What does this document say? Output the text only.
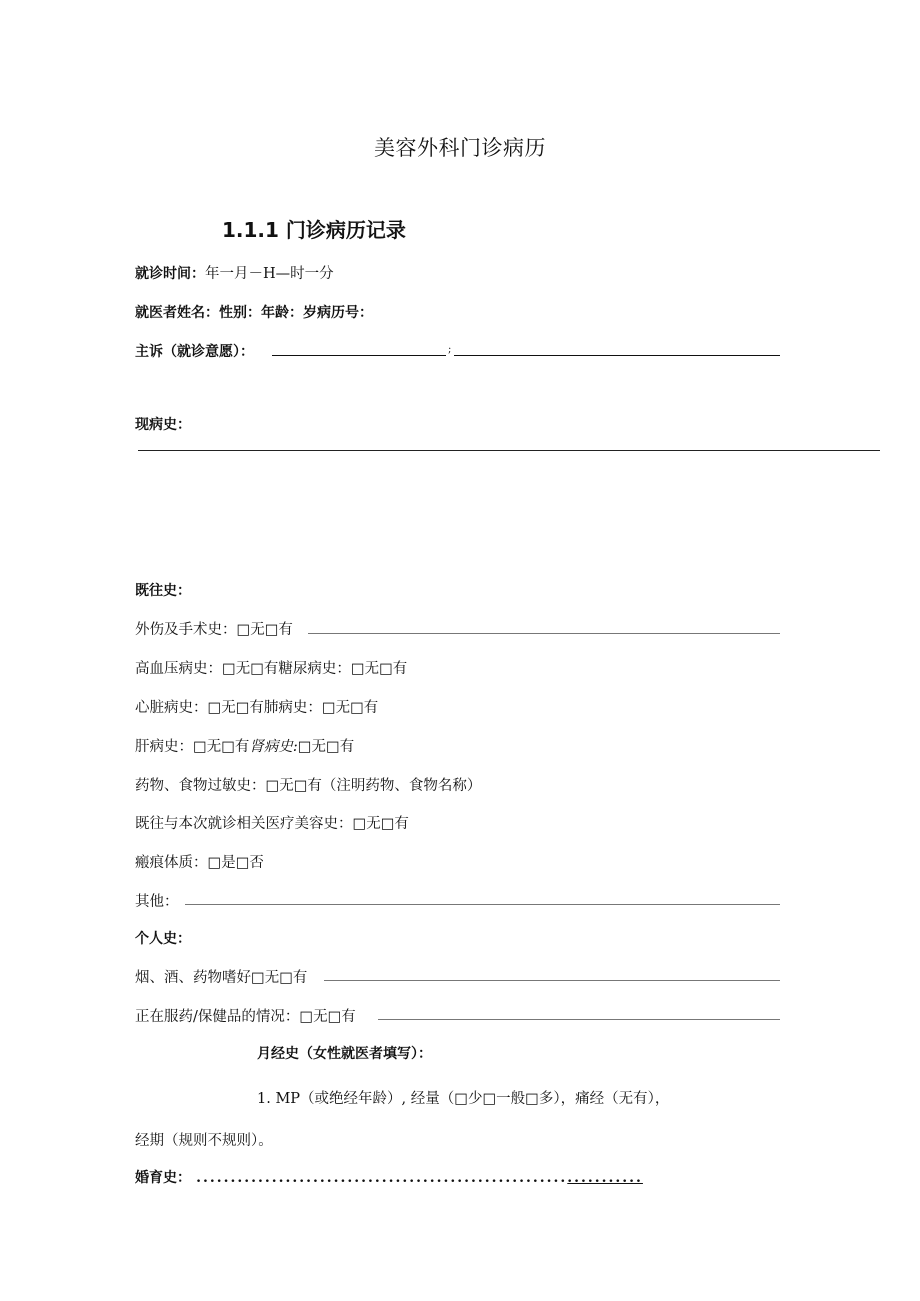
美容外科门诊病历
1.1.1 门诊病历记录
就诊时间：年一月－H—时一分
就医者姓名：性别：年龄：岁病历号：
主诉（就诊意愿）：	;
现病史：
既往史：
外伤及手术史：□无□有
高血压病史：□无□有糖尿病史：□无□有
心脏病史：□无□有肺病史：□无□有
肝病史：□无□有肾病史:□无□有
药物、食物过敏史：□无□有（注明药物、食物名称）
既往与本次就诊相关医疗美容史：□无□有
瘢痕体质：□是□否
其他：
个人史：
烟、酒、药物嗜好□无□有
正在服药/保健品的情况：□无□有
月经史（女性就医者填写）：
1. MP（或绝经年龄）, 经量（□少□一般□多），痛经（无有），
经期（规则不规则）。
婚育史： .................................................................
